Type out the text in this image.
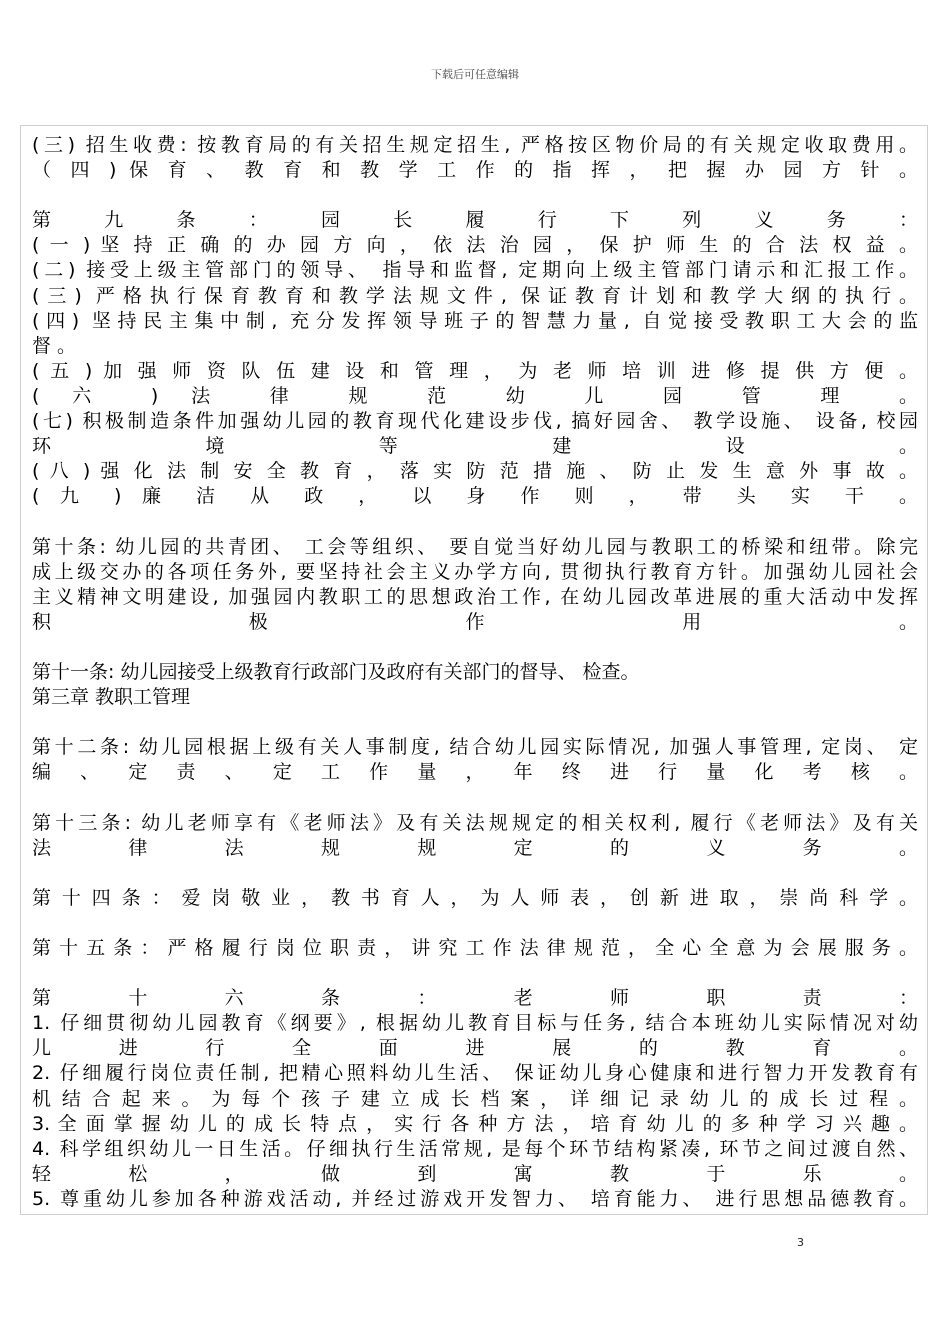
下载后可任意编辑
(三) 招生收费: 按教育局的有关招生规定招生, 严格按区物价局的有关规定收取费用。
（ 四 ) 保 育 、 教 育 和 教 学 工 作 的 指 挥 ， 把 握 办 园 方 针 。

第 九 条 ： 园 长 履 行 下 列 义 务 ：
( 一 ) 坚 持 正 确 的 办 园 方 向 ， 依 法 治 园 ， 保 护 师 生 的 合 法 权 益 。
(二) 接受上级主管部门的领导、 指导和监督, 定期向上级主管部门请示和汇报工作。
(三) 严格执行保育教育和教学法规文件, 保证教育计划和教学大纲的执行。
(四) 坚持民主集中制, 充分发挥领导班子的智慧力量, 自觉接受教职工大会的监
督 。
( 五 ) 加 强 师 资 队 伍 建 设 和 管 理 ， 为 老 师 培 训 进 修 提 供 方 便 。
( 六 ) 法 律 规 范 幼 儿 园 管 理 。
(七) 积极制造条件加强幼儿园的教育现代化建设步伐, 搞好园舍、 教学设施、 设备, 校园
环 境 等 建 设 。
( 八 ) 强 化 法 制 安 全 教 育 ， 落 实 防 范 措 施 、 防 止 发 生 意 外 事 故 。
( 九 ) 廉 洁 从 政 ， 以 身 作 则 ， 带 头 实 干 。

第十条: 幼儿园的共青团、 工会等组织、 要自觉当好幼儿园与教职工的桥梁和纽带。除完
成上级交办的各项任务外, 要坚持社会主义办学方向, 贯彻执行教育方针。加强幼儿园社会
主义精神文明建设, 加强园内教职工的思想政治工作, 在幼儿园改革进展的重大活动中发挥
积 极 作 用 。

第十一条: 幼儿园接受上级教育行政部门及政府有关部门的督导、 检查。
第三章 教职工管理

第十二条: 幼儿园根据上级有关人事制度, 结合幼儿园实际情况, 加强人事管理, 定岗、 定
编 、 定 责 、 定 工 作 量 ， 年 终 进 行 量 化 考 核 。

第十三条: 幼儿老师享有《老师法》及有关法规规定的相关权利, 履行《老师法》及有关
法 律 法 规 规 定 的 义 务 。

第 十 四 条 ： 爱 岗 敬 业 ， 教 书 育 人 ， 为 人 师 表 ， 创 新 进 取 ， 崇 尚 科 学 。

第 十 五 条 ： 严 格 履 行 岗 位 职 责 ， 讲 究 工 作 法 律 规 范 ， 全 心 全 意 为 会 展 服 务 。

第 十 六 条 ： 老 师 职 责 ：
1. 仔细贯彻幼儿园教育《纲要》, 根据幼儿教育目标与任务, 结合本班幼儿实际情况对幼
儿 进 行 全 面 进 展 的 教 育 。
2. 仔细履行岗位责任制, 把精心照料幼儿生活、 保证幼儿身心健康和进行智力开发教育有
机 结 合 起 来 。 为 每 个 孩 子 建 立 成 长 档 案 ， 详 细 记 录 幼 儿 的 成 长 过 程 。
3. 全 面 掌 握 幼 儿 的 成 长 特 点 ， 实 行 各 种 方 法 ， 培 育 幼 儿 的 多 种 学 习 兴 趣 。
4. 科学组织幼儿一日生活。仔细执行生活常规, 是每个环节结构紧凑, 环节之间过渡自然、
轻 松 ， 做 到 寓 教 于 乐 。
5. 尊重幼儿参加各种游戏活动, 并经过游戏开发智力、 培育能力、 进行思想品德教育。
3
